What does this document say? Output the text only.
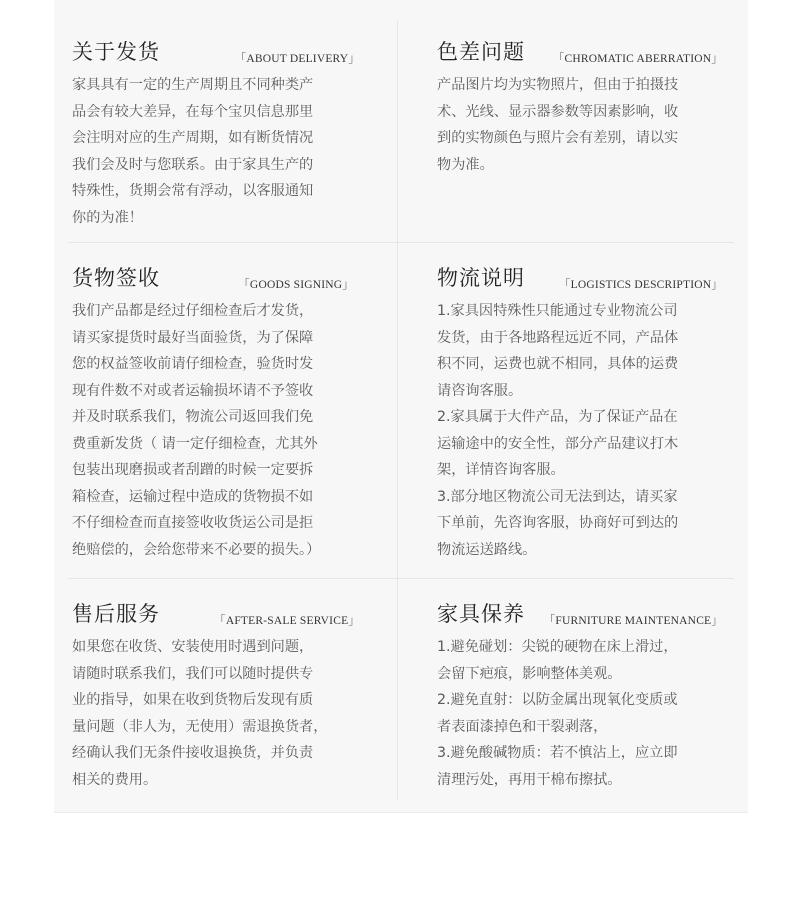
关于发货	「ABOUT DELIVERY」
家具具有一定的生产周期且不同种类产
品会有较大差异，在每个宝贝信息那里
会注明对应的生产周期，如有断货情况
我们会及时与您联系。由于家具生产的
特殊性，货期会常有浮动，以客服通知
你的为准！
色差问题 「CHROMATIC ABERRATION」
产品图片均为实物照片，但由于拍摄技
术、光线、显示器参数等因素影响，收
到的实物颜色与照片会有差别，请以实
物为准。
货物签收	「GOODS SIGNING」
我们产品都是经过仔细检查后才发货，
请买家提货时最好当面验货，为了保障
您的权益签收前请仔细检查，验货时发
现有件数不对或者运输损坏请不予签收
并及时联系我们，物流公司返回我们免
费重新发货（ 请一定仔细检查，尤其外
包装出现磨损或者刮蹭的时候一定要拆
箱检查，运输过程中造成的货物损不如
不仔细检查而直接签收收货运公司是拒
绝赔偿的，会给您带来不必要的损失。）
物流说明	「LOGISTICS DESCRIPTION」
1.家具因特殊性只能通过专业物流公司
发货，由于各地路程远近不同，产品体
积不同，运费也就不相同，具体的运费
请咨询客服。
2.家具属于大件产品，为了保证产品在
运输途中的安全性，部分产品建议打木
架，详情咨询客服。
3.部分地区物流公司无法到达，请买家
下单前，先咨询客服，协商好可到达的
物流运送路线。
售后服务	「AFTER-SALE SERVICE」
如果您在收货、安装使用时遇到问题，
请随时联系我们，我们可以随时提供专
业的指导，如果在收到货物后发现有质
量问题（非人为，无使用）需退换货者，
经确认我们无条件接收退换货，并负责
相关的费用。
家具保养 「FURNITURE MAINTENANCE」
1.避免碰划：尖锐的硬物在床上滑过，
会留下疤痕，影响整体美观。
2.避免直射：以防金属出现氧化变质或
者表面漆掉色和干裂剥落，
3.避免酸碱物质：若不慎沾上，应立即
清理污处，再用干棉布擦拭。
